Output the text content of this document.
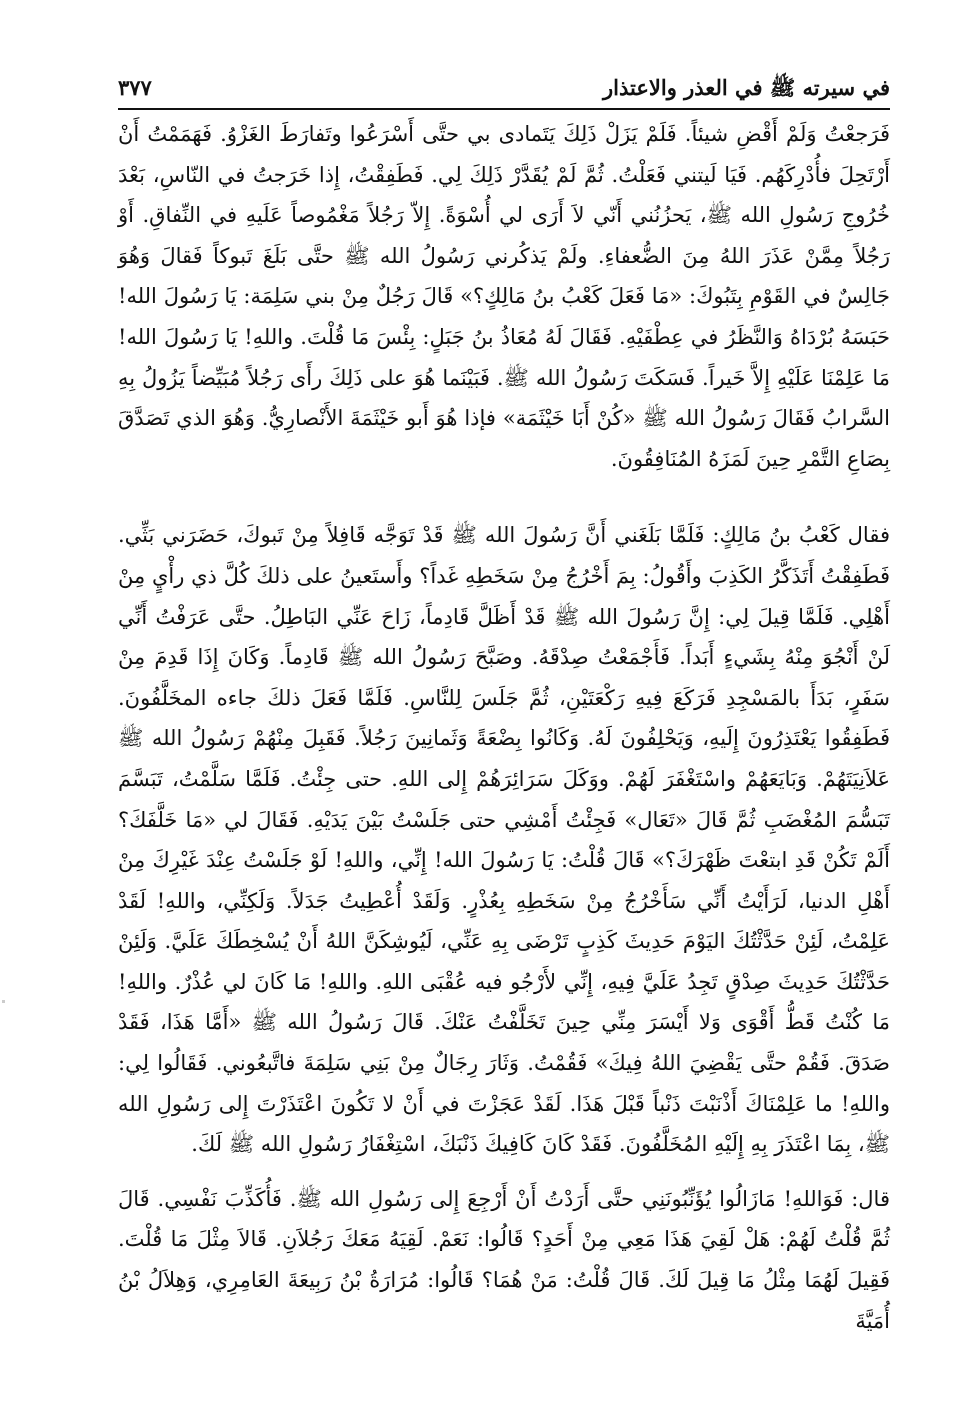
في سيرته ﷺ في العذر والاعتذار
٣٧٧

فَرَجعْتُ وَلَمْ أَقْضِ شيئاً. فَلَمْ يَزَلْ ذَلِكَ يَتَمادى بي حتَّى أَسْرَعُوا وتَفارَطَ الغَزْوُ. فَهَمَمْتُ أَنْ أَرْتَحِلَ فأُدْرِكَهُم. فَيَا لَيتني فَعَلْتُ. ثُمَّ لَمْ يُقَدَّرْ ذَلِكَ لِي. فَطَفِقْتُ، إِذا خَرَجتُ في النّاسِ، بَعْدَ خُرُوجِ رَسُولِ الله ﷺ، يَحزُنُني أَنّي لاَ أَرَى لي أُسْوَةً. إِلاّ رَجُلاً مَغْمُوصاً عَلَيهِ في النِّفاقِ. أَوْ رَجُلاً مِمَّنْ عَذَرَ اللهُ مِنَ الضُّعفاءِ. ولَمْ يَذكُرني رَسُولُ الله ﷺ حتَّى بَلَغَ تَبوكاً فَقالَ وَهُوَ جَالِسٌ في القَوْمِ بِتَبُوكَ: «مَا فَعَلَ كَعْبُ بنُ مَالِكٍ؟» قَالَ رَجُلٌ مِنْ بني سَلِمَة: يَا رَسُولَ الله! حَبَسَهُ بُرْدَاهُ وَالنَّظَرُ في عِطْفَيْهِ. فَقَالَ لَهُ مُعَاذُ بنُ جَبَلٍ: بِئْسَ مَا قُلْتَ. واللهِ! يَا رَسُولَ الله! مَا عَلِمْنَا عَلَيْهِ إِلاَّ خَيراً. فَسَكَتَ رَسُولُ الله ﷺ. فَبَيْنَما هُوَ على ذَلِكَ رأَى رَجُلاً مُبَيِّضاً يَزُولُ بِهِ السَّرابُ فَقَالَ رَسُولُ الله ﷺ «كُنْ أَبَا خَيْثَمَة» فإذا هُوَ أَبو خَيْثَمَةَ الأَنْصارِيُّ. وَهُوَ الذي تَصَدَّقَ بِصَاعِ التَّمْرِ حِينَ لَمَزَهُ المُنَافِقُونَ.

فقال كَعْبُ بنُ مَالِكٍ: فَلَمَّا بَلَغَني أَنَّ رَسُولَ الله ﷺ قَدْ تَوَجَّه قَافِلاً مِنْ تَبوكَ، حَضَرَني بَثِّي. فَطَفِقْتُ أَتَذَكَّرُ الكَذِبَ وأَقُولُ: بِمَ أَخْرُجُ مِنْ سَخَطِهِ غَداً؟ وأَستَعينُ على ذلكَ كُلَّ ذي رأْيٍ مِنْ أَهْلِي. فَلَمَّا قِيلَ لِي: إِنَّ رَسُولَ الله ﷺ قَدْ أَظَلَّ قَادِماً، زَاحَ عَنِّي البَاطِلُ. حتَّى عَرَفْتُ أَنِّي لَنْ أَنْجُوَ مِنْهُ بِشَيءٍ أَبَداً. فَأَجْمَعْتُ صِدْقَهُ. وصَبَّحَ رَسُولُ الله ﷺ قَادِماً. وَكَانَ إِذَا قَدِمَ مِنْ سَفَرٍ، بَدَأَ بالمَسْجِدِ فَرَكَعَ فِيهِ رَكْعَتَيْنِ، ثُمَّ جَلَسَ لِلنَّاسِ. فَلَمَّا فَعَلَ ذلكَ جاءه المخَلَّفُونَ. فَطَفِقُوا يَعْتَذِرُونَ إِلَيهِ، وَيَحْلِفُونَ لَهُ. وَكَانُوا بِضْعَةً وَثَمانِينَ رَجُلاً. فَقَبِلَ مِنْهُمْ رَسُولُ الله ﷺ عَلاَنِيَتَهُمْ. وَبَايَعَهُمْ واسْتَغْفَرَ لَهُمْ. ووَكَلَ سَرَائِرَهُمْ إِلى اللهِ. حتى جِئْتُ. فَلَمَّا سَلَّمْتُ، تَبَسَّمَ تَبَسُّمَ المُغْضَبِ ثُمَّ قَالَ «تَعَال» فَجِئْتُ أَمْشِي حتى جَلَسْتُ بَيْنَ يَدَيْهِ. فَقَالَ لي «مَا خَلَّفَكَ؟ أَلَمْ تَكُنْ قَدِ ابتعْتَ ظَهْرَكَ؟» قَالَ قُلْتُ: يَا رَسُولَ الله! إِنِّي، واللهِ! لَوْ جَلَسْتُ عِنْدَ غَيْرِكَ مِنْ أَهْلِ الدنيا، لَرَأَيْتُ أَنِّي سَأَخْرُجُ مِنْ سَخَطِهِ بِعُذْرٍ. وَلَقَدْ أُعْطِيتُ جَدَلاً. وَلَكِنِّي، واللهِ! لَقَدْ عَلِمْتُ، لَئِنْ حَدَّثْتُكَ اليَوْمَ حَدِيثَ كَذِبٍ تَرْضَى بِهِ عَنِّي، لَيُوشِكَنَّ اللهُ أَنْ يُسْخِطَكَ عَلَيَّ. وَلَئِنْ حَدَّثْتُكَ حَدِيثَ صِدْقٍ تَجِدُ عَلَيَّ فِيهِ، إِنِّي لأَرْجُو فيه عُقْبَى اللهِ. واللهِ! مَا كَانَ لي عُذْرٌ. واللهِ! مَا كُنْتُ قَطُّ أَقْوَى وَلا أَيْسَرَ مِنِّي حِينَ تَخَلَّفْتُ عَنْكَ. قَالَ رَسُولُ الله ﷺ «أَمَّا هَذَا، فَقَدْ صَدَقَ. فَقُمْ حتَّى يَقْضِيَ اللهُ فِيكَ» فَقُمْتُ. وَثَارَ رِجَالٌ مِنْ بَنِي سَلِمَةَ فاتَّبعُوني. فَقَالُوا لِي: واللهِ! ما عَلِمْنَاكَ أَذْنَبْتَ ذَنْباً قَبْلَ هَذَا. لَقَدْ عَجَزْتَ في أَنْ لا تَكُونَ اعْتَذَرْتَ إِلى رَسُولِ الله ﷺ، بِمَا اعْتَذَرَ بِهِ إِلَيْهِ المُخَلَّفُونَ. فَقَدْ كَانَ كَافِيكَ ذَنْبَكَ، اسْتِغْفَارُ رَسُولِ الله ﷺ لَكَ.

قال: فَوَاللهِ! مَازَالُوا يُؤَنِّبُونَنِي حتَّى أَرَدْتُ أَنْ أَرْجِعَ إِلى رَسُولِ الله ﷺ. فَأُكَذِّبَ نَفْسِي. قَالَ ثُمَّ قُلْتُ لَهُمْ: هَلْ لَقِيَ هَذَا مَعِي مِنْ أَحَدٍ؟ قَالُوا: نَعَمْ. لَقِيَهُ مَعَكَ رَجُلاَنِ. قَالاَ مِثْلَ مَا قُلْتَ. فَقِيلَ لَهُمَا مِثْلُ مَا قِيلَ لَكَ. قَالَ قُلْتُ: مَنْ هُمَا؟ قَالُوا: مُرَارَةُ بْنُ رَبِيعَةَ العَامِرِي، وَهِلاَلُ بْنُ أُمَيَّةَ
